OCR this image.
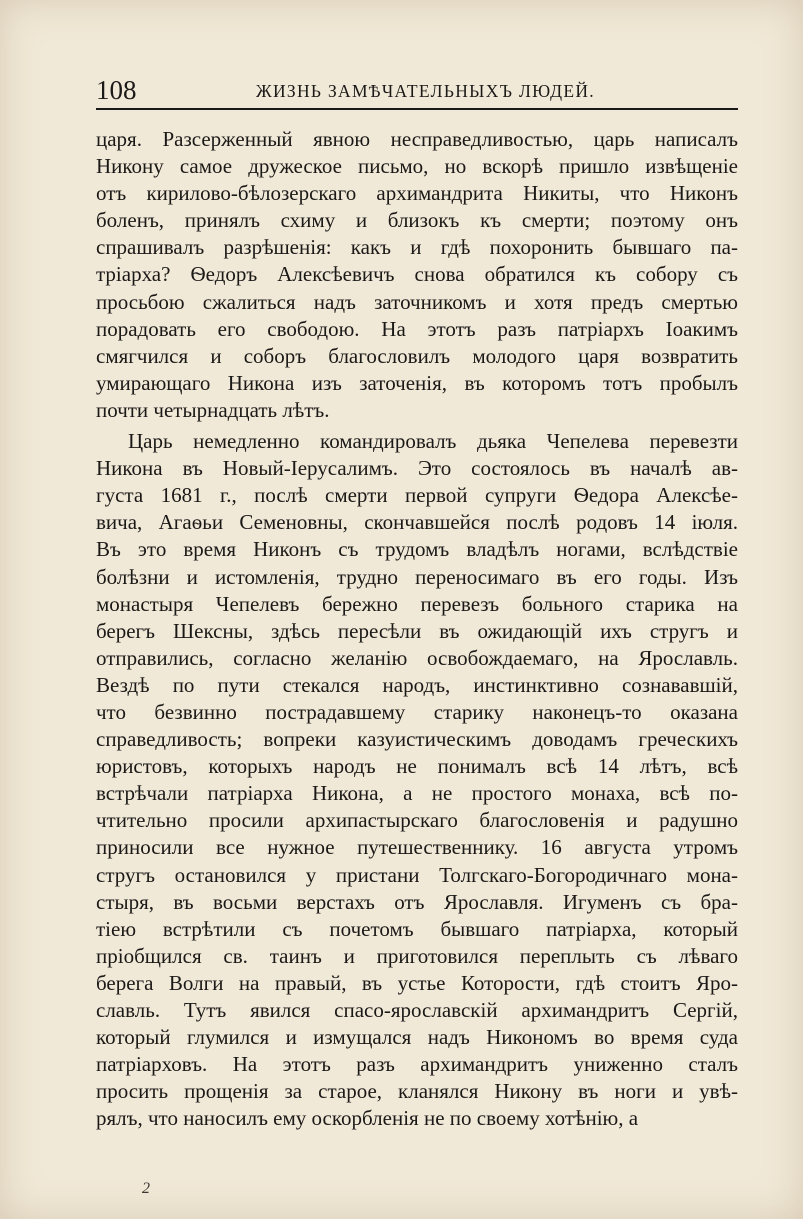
108	ЖИЗНЬ ЗАМѢЧАТЕЛЬНЫХЪ ЛЮДЕЙ.
царя. Разсерженный явною несправедливостью, царь написалъ
Никону самое дружеское письмо, но вскорѣ пришло извѣщеніе
отъ кирилово-бѣлозерскаго архимандрита Никиты, что Никонъ
боленъ, принялъ схиму и близокъ къ смерти; поэтому онъ
спрашивалъ разрѣшенія: какъ и гдѣ похоронить бывшаго па-
тріарха? Ѳедоръ Алексѣевичъ снова обратился къ собору съ
просьбою сжалиться надъ заточникомъ и хотя предъ смертью
порадовать его свободою. На этотъ разъ патріархъ Іоакимъ
смягчился и соборъ благословилъ молодого царя возвратить
умирающаго Никона изъ заточенія, въ которомъ тотъ пробылъ
почти четырнадцать лѣтъ.
Царь немедленно командировалъ дьяка Чепелева перевезти
Никона въ Новый-Іерусалимъ. Это состоялось въ началѣ ав-
густа 1681 г., послѣ смерти первой супруги Ѳедора Алексѣе-
вича, Агаѳьи Семеновны, скончавшейся послѣ родовъ 14 іюля.
Въ это время Никонъ съ трудомъ владѣлъ ногами, вслѣдствіе
болѣзни и истомленія, трудно переносимаго въ его годы. Изъ
монастыря Чепелевъ бережно перевезъ больного старика на
берегъ Шексны, здѣсь пересѣли въ ожидающій ихъ стругъ и
отправились, согласно желанію освобождаемаго, на Ярославль.
Вездѣ по пути стекался народъ, инстинктивно сознававшій,
что безвинно пострадавшему старику наконецъ-то оказана
справедливость; вопреки казуистическимъ доводамъ греческихъ
юристовъ, которыхъ народъ не понималъ всѣ 14 лѣтъ, всѣ
встрѣчали патріарха Никона, а не простого монаха, всѣ по-
чтительно просили архипастырскаго благословенія и радушно
приносили все нужное путешественнику. 16 августа утромъ
стругъ остановился у пристани Толгскаго-Богородичнаго мона-
стыря, въ восьми верстахъ отъ Ярославля. Игуменъ съ бра-
тіею встрѣтили съ почетомъ бывшаго патріарха, который
пріобщился св. таинъ и приготовился переплыть съ лѣваго
берега Волги на правый, въ устье Которости, гдѣ стоитъ Яро-
славль. Тутъ явился спасо-ярославскій архимандритъ Сергій,
который глумился и измущался надъ Никономъ во время суда
патріарховъ. На этотъ разъ архимандритъ униженно сталъ
просить прощенія за старое, кланялся Никону въ ноги и увѣ-
рялъ, что наносилъ ему оскорбленія не по своему хотѣнію, а
2
